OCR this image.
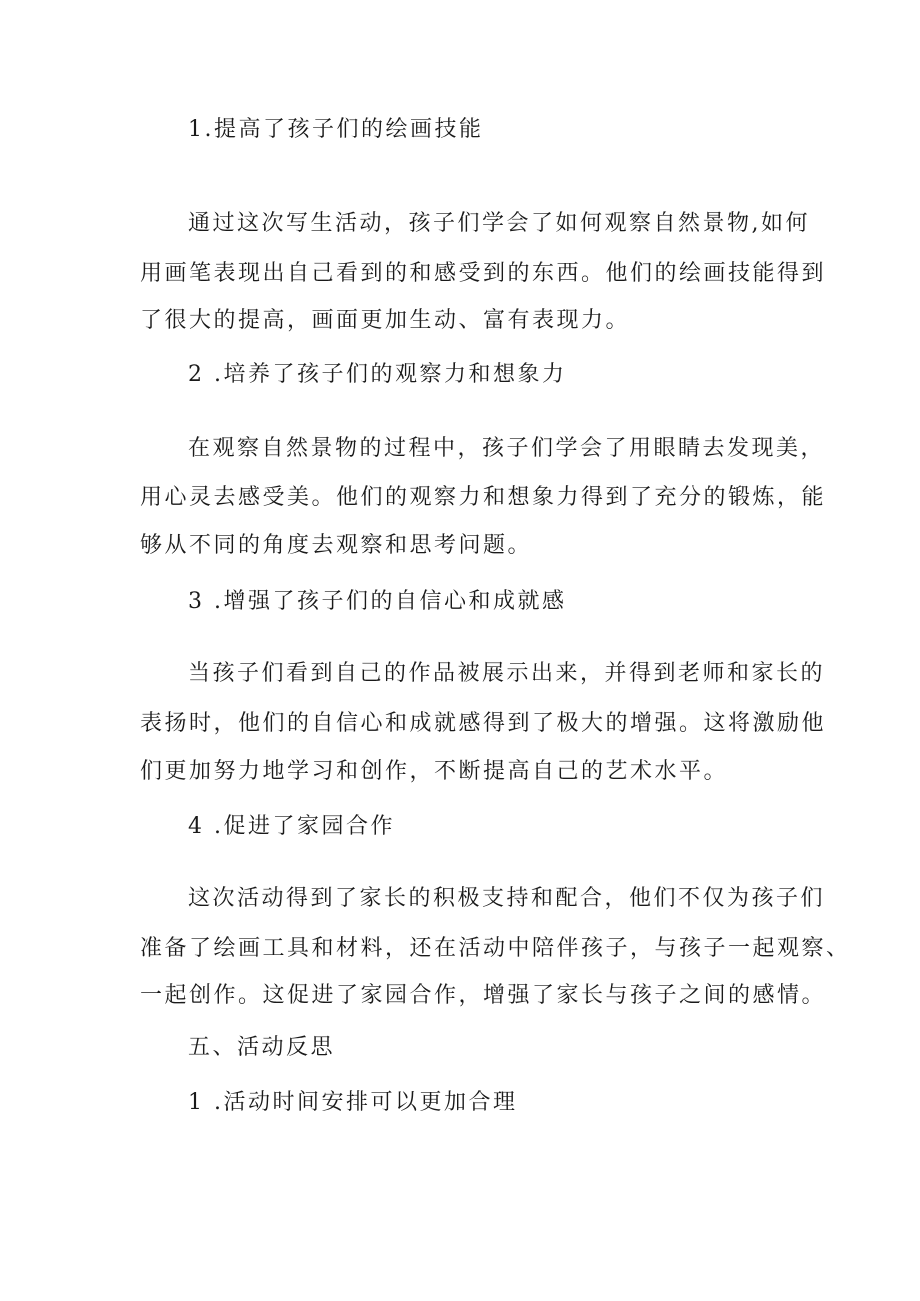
1.提高了孩子们的绘画技能
通过这次写生活动，孩子们学会了如何观察自然景物,如何
用画笔表现出自己看到的和感受到的东西。他们的绘画技能得到
了很大的提高，画面更加生动、富有表现力。
2 .培养了孩子们的观察力和想象力
在观察自然景物的过程中，孩子们学会了用眼睛去发现美，
用心灵去感受美。他们的观察力和想象力得到了充分的锻炼，能
够从不同的角度去观察和思考问题。
3 .增强了孩子们的自信心和成就感
当孩子们看到自己的作品被展示出来，并得到老师和家长的
表扬时，他们的自信心和成就感得到了极大的增强。这将激励他
们更加努力地学习和创作，不断提高自己的艺术水平。
4 .促进了家园合作
这次活动得到了家长的积极支持和配合，他们不仅为孩子们
准备了绘画工具和材料，还在活动中陪伴孩子，与孩子一起观察、
一起创作。这促进了家园合作，增强了家长与孩子之间的感情。
五、活动反思
1 .活动时间安排可以更加合理
